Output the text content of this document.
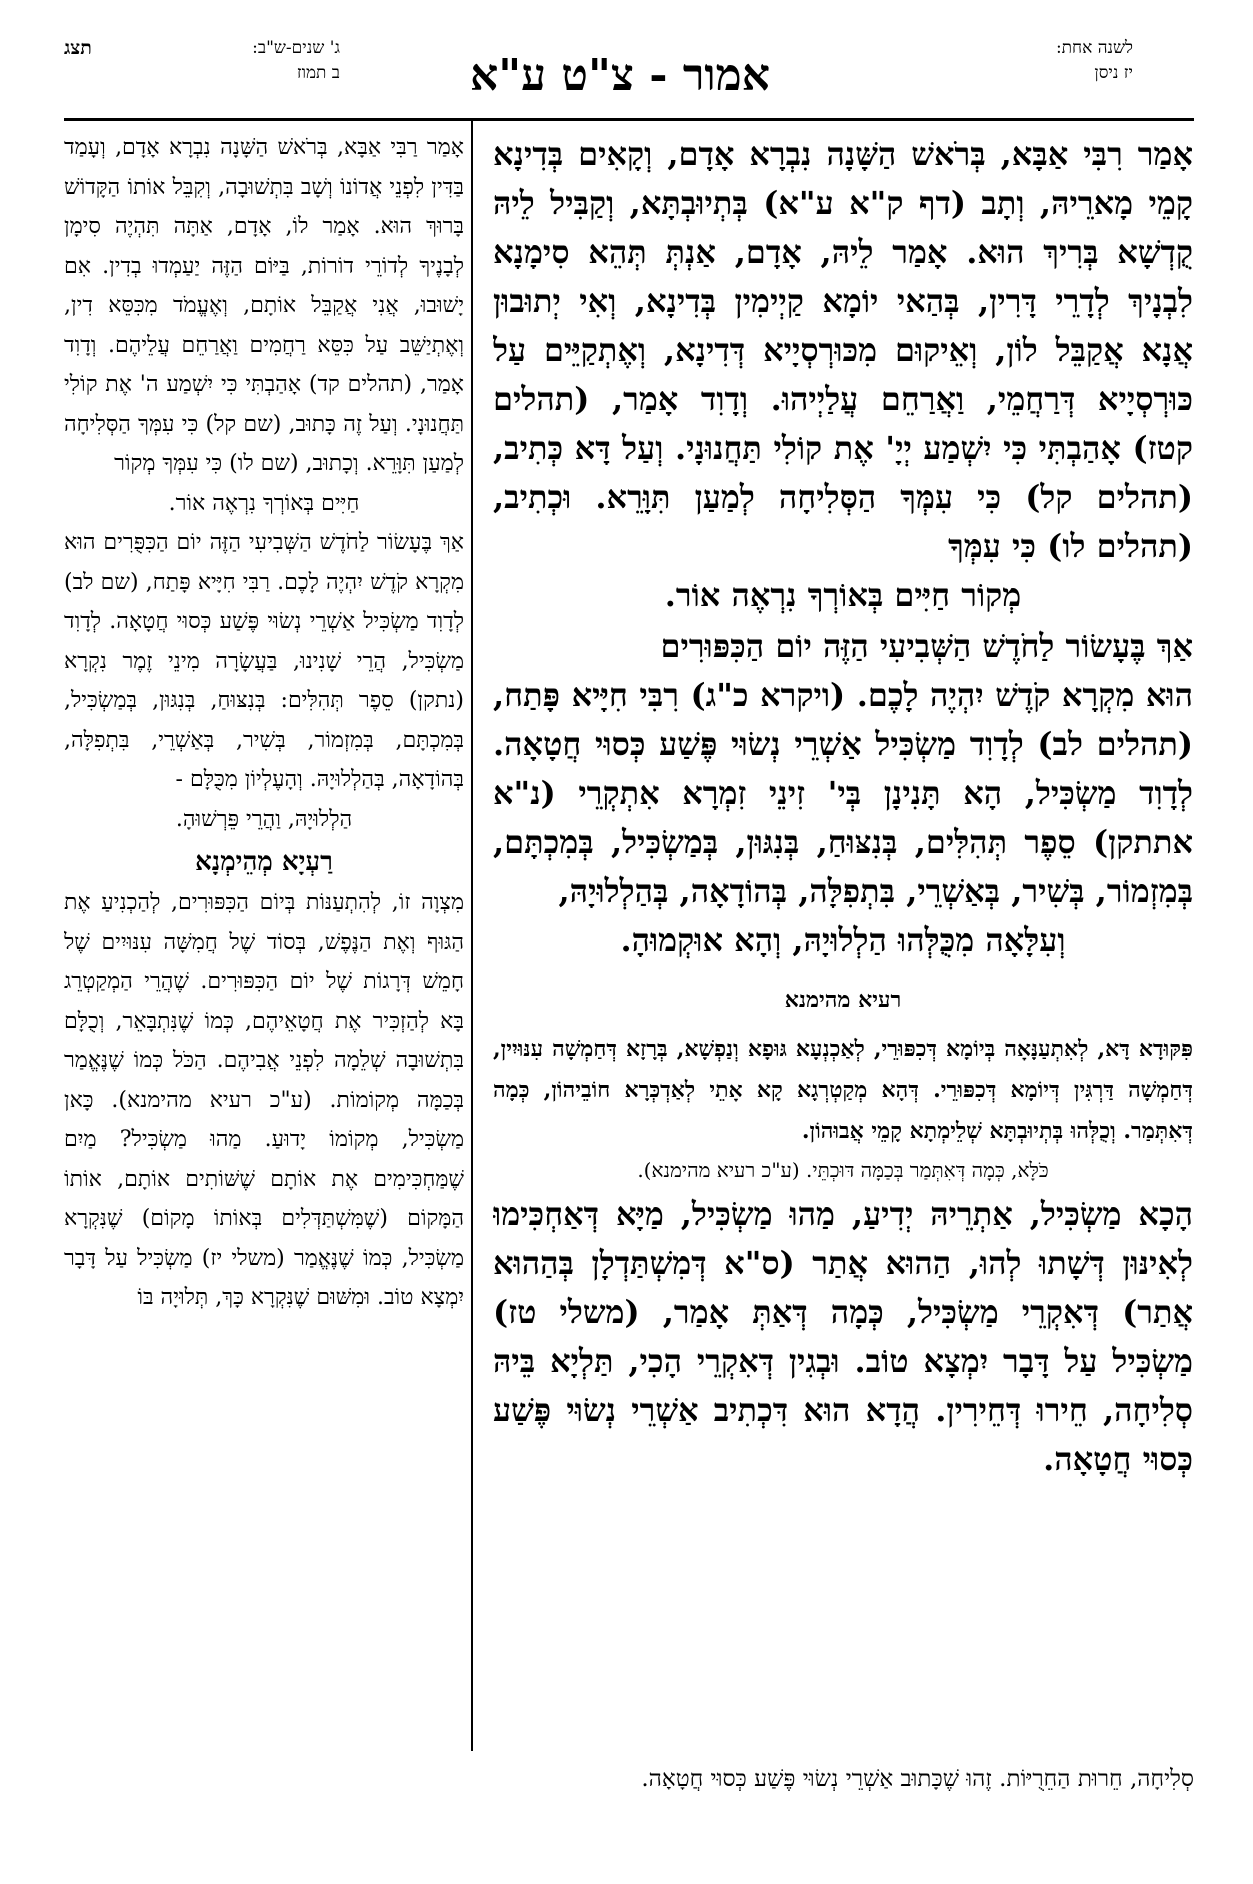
לשנה אחת:
יז ניסן
אמור - צ"ט ע"א
ג' שנים-ש"ב:
ב תמוז
תצג

אָמַר רִבִּי אַבָּא, בְּרֹאשׁ הַשָּׁנָה נִבְרָא אָדָם, וְקָאִים בְּדִינָא קָמֵי מָארֵיהּ, וְתָב (דף ק"א ע"א) בְּתְיוּבְתָּא, וְקַבִּיל לֵיהּ קֻדְשָׁא בְּרִיךְ הוּא. אָמַר לֵיהּ, אָדָם, אַנְתְּ תְּהֵא סִימָנָא לִבְנָיךְ לְדָרֵי דָּרִין, בְּהַאי יוֹמָא קַיְימִין בְּדִינָא, וְאִי יְתוּבוּן אֲנָא אֲקַבֵּל לוֹן, וְאֵיקוּם מִכּוּרְסְיָיא דְּדִינָא, וְאֶתְקַיֵּים עַל כּוּרְסְיָיא דְּרַחֲמֵי, וַאֲרַחֵם עֲלַיְיהוּ. וְדָוִד אָמַר, (תהלים קטז) אָהַבְתִּי כִּי יִשְׁמַע יְיָ' אֶת קוֹלִי תַּחֲנוּנָי. וְעַל דָּא כְּתִיב, (תהלים קל) כִּי עִמְּךָ הַסְּלִיחָה לְמַעַן תִּוָּרֵא. וּכְתִיב, (תהלים לו) כִּי עִמְּךָ

מְקוֹר חַיִּים בְּאוֹרְךָ נִרְאֶה אוֹר.

אַךְ בֶּעָשׂוֹר לַחֹדֶשׁ הַשְּׁבִיעִי הַזֶּה יוֹם הַכִּפּוּרִים

הוּא מִקְרָא קֹדֶשׁ יִהְיֶה לָכֶם. (ויקרא כ"ג) רִבִּי חִיָּיא פָּתַח, (תהלים לב) לְדָוִד מַשְׂכִּיל אַשְׁרֵי נְשׂוּי פֶּשַׁע כְּסוּי חֲטָאָה. לְדָוִד מַשְׂכִּיל, הָא תָּנִינָן בְּי' זִינֵי זִמְרָא אִתְקְרֵי (נ"א אתתקן) סֵפֶר תְּהִלִּים, בְּנִצּוּחַ, בְּנִגּוּן, בְּמַשְׂכִּיל, בְּמִכְתָּם, בְּמִזְמוֹר, בְּשִׁיר, בְּאַשְׁרֵי, בִּתְפִלָּה, בְּהוֹדָאָה, בְּהַלְלוּיָהּ,

וְעִלָּאָה מִכֻּלְּהוּ הַלְלוּיָהּ, וְהָא אוּקְמוּהָ.

רעיא מהימנא

פִּקּוּדָא דָּא, לְאִתְעַנָּאָה בְּיוֹמָא דְּכִפּוּרֵי, לְאַכְנְעָא גּוּפָא וְנַפְשָׁא, בְּרָזָא דְּחַמְשָׁה עִנּוּיִין, דְּחַמְשָׁה דַּרְגִּין דְּיוֹמָא דְּכִפּוּרֵי. דְּהָא מְקַטְרְגָא קָא אָתֵי לְאַדְכְּרָא חוֹבֵיהוֹן, כְּמָה דְּאִתְּמַר. וְכֻלְּהוּ בְּתְיוּבְתָּא שְׁלֵימְתָא קָמֵי אֲבוּהוֹן.

כֹּלָּא, כְּמָה דְּאִתְּמַר בְּכַמָּה דּוּכְתֵּי. (ע"כ רעיא מהימנא).

הָכָא מַשְׂכִּיל, אַתְרֵיהּ יְדִיעַ, מַהוּ מַשְׂכִּיל, מַיָּא דְּאַחְכִּימוּ לְאִינּוּן דְּשָׁתוּ לְהוּ, הַהוּא אֲתַר (ס"א דְּמִשְׁתַּדְלָן בְּהַהוּא אֲתַר) דְּאִקְרֵי מַשְׂכִּיל, כְּמָה דְּאַתְּ אָמַר, (משלי טז) מַשְׂכִּיל עַל דָּבָר יִמְצָא טוֹב. וּבְגִין דְּאִקְרֵי הָכִי, תַּלְיָא בֵּיהּ סְלִיחָה, חֵירוּ דְּחֵירִין. הֲדָא הוּא דִּכְתִיב אַשְׁרֵי נְשׂוּי פֶּשַׁע כְּסוּי חֲטָאָה.

אָמַר רַבִּי אַבָּא, בְּרֹאשׁ הַשָּׁנָה נִבְרָא אָדָם, וְעָמַד בַּדִּין לִפְנֵי אֲדוֹנוֹ וְשָׁב בִּתְשׁוּבָה, וְקִבֵּל אוֹתוֹ הַקָּדוֹשׁ בָּרוּךְ הוּא. אָמַר לוֹ, אָדָם, אַתָּה תִּהְיֶה סִימָן לְבָנֶיךָ לְדוֹרֵי דוֹרוֹת, בַּיּוֹם הַזֶּה יַעַמְדוּ בְדִין. אִם יָשׁוּבוּ, אֲנִי אֲקַבֵּל אוֹתָם, וְאֶעֱמֹד מִכִּסֵּא דִין, וְאֶתְיַשֵּׁב עַל כִּסֵּא רַחֲמִים וַאֲרַחֵם עֲלֵיהֶם. וְדָוִד אָמַר, (תהלים קד) אָהַבְתִּי כִּי יִשְׁמַע ה' אֶת קוֹלִי תַּחֲנוּנָי. וְעַל זֶה כָּתוּב, (שם קל) כִּי עִמְּךָ הַסְּלִיחָה לְמַעַן תִּוָּרֵא. וְכָתוּב, (שם לו) כִּי עִמְּךָ מְקוֹר

חַיִּים בְּאוֹרְךָ נִרְאֶה אוֹר.

אַךְ בֶּעָשׂוֹר לַחֹדֶשׁ הַשְּׁבִיעִי הַזֶּה יוֹם הַכִּפֻּרִים הוּא מִקְרָא קֹדֶשׁ יִהְיֶה לָכֶם. רַבִּי חִיָּיא פָּתַח, (שם לב) לְדָוִד מַשְׂכִּיל אַשְׁרֵי נְשׂוּי פֶּשַׁע כְּסוּי חֲטָאָה. לְדָוִד מַשְׂכִּיל, הֲרֵי שָׁנִינוּ, בַּעֲשָׂרָה מִינֵי זֶמֶר נִקְרָא (נתקן) סֵפֶר תְּהִלִּים: בְּנִצּוּחַ, בְּנִגּוּן, בְּמַשְׂכִּיל, בְּמִכְתָּם, בְּמִזְמוֹר, בְּשִׁיר, בְּאַשְׁרֵי, בִּתְפִלָּה, בְּהוֹדָאָה, בְּהַלְלוּיָהּ. וְהָעֶלְיוֹן מִכֻּלָּם -

הַלְלוּיָהּ, וַהֲרֵי פֵּרְשׁוּהָ.

רַעְיָא מְהֵימְנָא

מִצְוָה זוֹ, לְהִתְעַנּוֹת בְּיוֹם הַכִּפּוּרִים, לְהַכְנִיעַ אֶת הַגּוּף וְאֶת הַנֶּפֶשׁ, בְּסוֹד שֶׁל חֲמִשָּׁה עִנּוּיִים שֶׁל חָמֵשׁ דְּרָגוֹת שֶׁל יוֹם הַכִּפּוּרִים. שֶׁהֲרֵי הַמְקַטְרֵג בָּא לְהַזְכִּיר אֶת חֲטָאֵיהֶם, כְּמוֹ שֶׁנִּתְבָּאֵר, וְכֻלָּם בִּתְשׁוּבָה שְׁלֵמָה לִפְנֵי אֲבִיהֶם. הַכֹּל כְּמוֹ שֶׁנֶּאֱמַר בְּכַמָּה מְקוֹמוֹת. (ע"כ רעיא מהימנא). כָּאן מַשְׂכִּיל, מְקוֹמוֹ יָדוּעַ. מַהוּ מַשְׂכִּיל? מַיִם שֶׁמַּחְכִּימִים אֶת אוֹתָם שֶׁשּׁוֹתִים אוֹתָם, אוֹתוֹ הַמָּקוֹם (שֶׁמִּשְׁתַּדְּלִים בְּאוֹתוֹ מָקוֹם) שֶׁנִּקְרָא מַשְׂכִּיל, כְּמוֹ שֶׁנֶּאֱמַר (משלי יז) מַשְׂכִּיל עַל דָּבָר יִמְצָא טוֹב. וּמִשּׁוּם שֶׁנִּקְרָא כָּךְ, תְּלוּיָה בּוֹ

סְלִיחָה, חֵרוּת הַחֵרֻיּוֹת. זֶהוּ שֶׁכָּתוּב אַשְׁרֵי נְשׂוּי פֶּשַׁע כְּסוּי חֲטָאָה.
